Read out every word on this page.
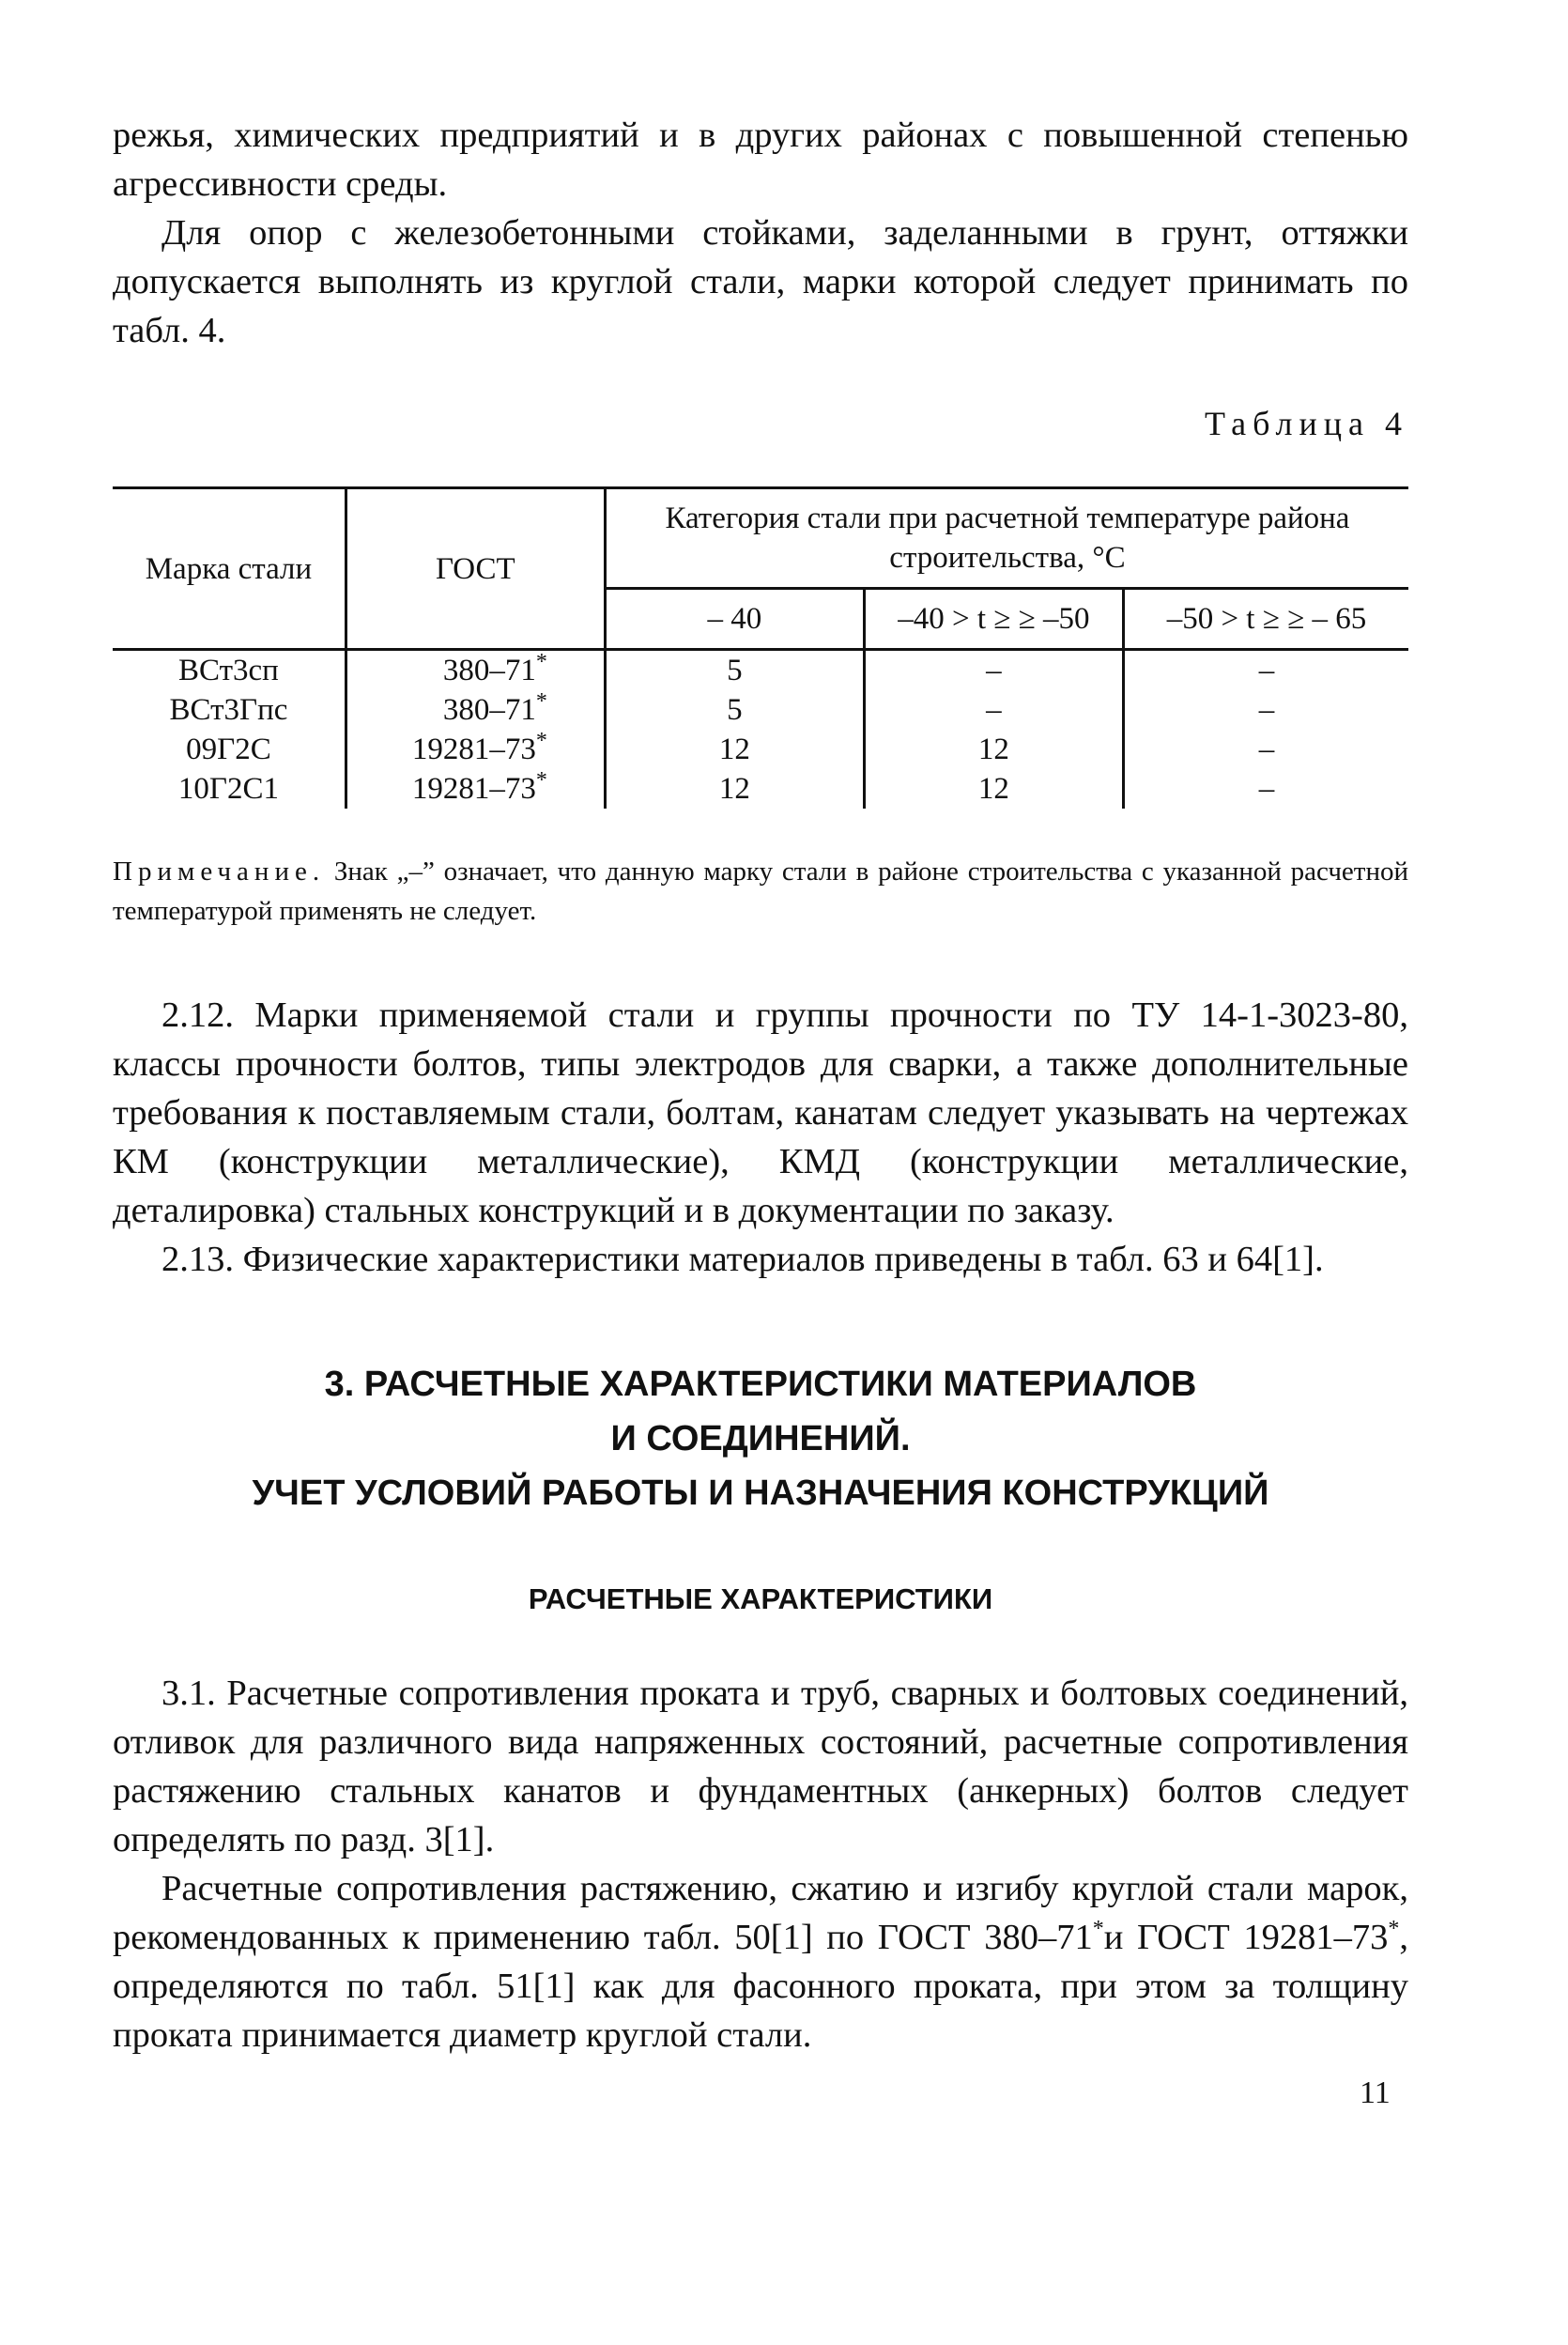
режья, химических предприятий и в других районах с повышенной степенью агрессивности среды.

Для опор с железобетонными стойками, заделанными в грунт, оттяжки допускается выполнять из круглой стали, марки которой следует принимать по табл. 4.

Таблица 4
Марка стали	ГОСТ	Категория стали при расчетной температуре района строительства, °С		
		– 40	–40 > t ≥ ≥ –50	–50 > t ≥ ≥ – 65
ВСт3сп	380–71*	5	–	–
ВСт3Гпс	380–71*	5	–	–
09Г2С	19281–73*	12	12	–
10Г2С1	19281–73*	12	12	–

Примечание. Знак „–” означает, что данную марку стали в районе строительства с указанной расчетной температурой применять не следует.

2.12. Марки применяемой стали и группы прочности по ТУ 14-1-3023-80, классы прочности болтов, типы электродов для сварки, а также дополнительные требования к поставляемым стали, болтам, канатам следует указывать на чертежах КМ (конструкции металлические), КМД (конструкции металлические, деталировка) стальных конструкций и в документации по заказу.

2.13. Физические характеристики материалов приведены в табл. 63 и 64[1].

3. РАСЧЕТНЫЕ ХАРАКТЕРИСТИКИ МАТЕРИАЛОВ
И СОЕДИНЕНИЙ.
УЧЕТ УСЛОВИЙ РАБОТЫ И НАЗНАЧЕНИЯ КОНСТРУКЦИЙ
РАСЧЕТНЫЕ ХАРАКТЕРИСТИКИ

3.1. Расчетные сопротивления проката и труб, сварных и болтовых соединений, отливок для различного вида напряженных состояний, расчетные сопротивления растяжению стальных канатов и фундаментных (анкерных) болтов следует определять по разд. 3[1].

Расчетные сопротивления растяжению, сжатию и изгибу круглой стали марок, рекомендованных к применению табл. 50[1] по ГОСТ 380–71*и ГОСТ 19281–73*, определяются по табл. 51[1] как для фасонного проката, при этом за толщину проката принимается диаметр круглой стали.

11
